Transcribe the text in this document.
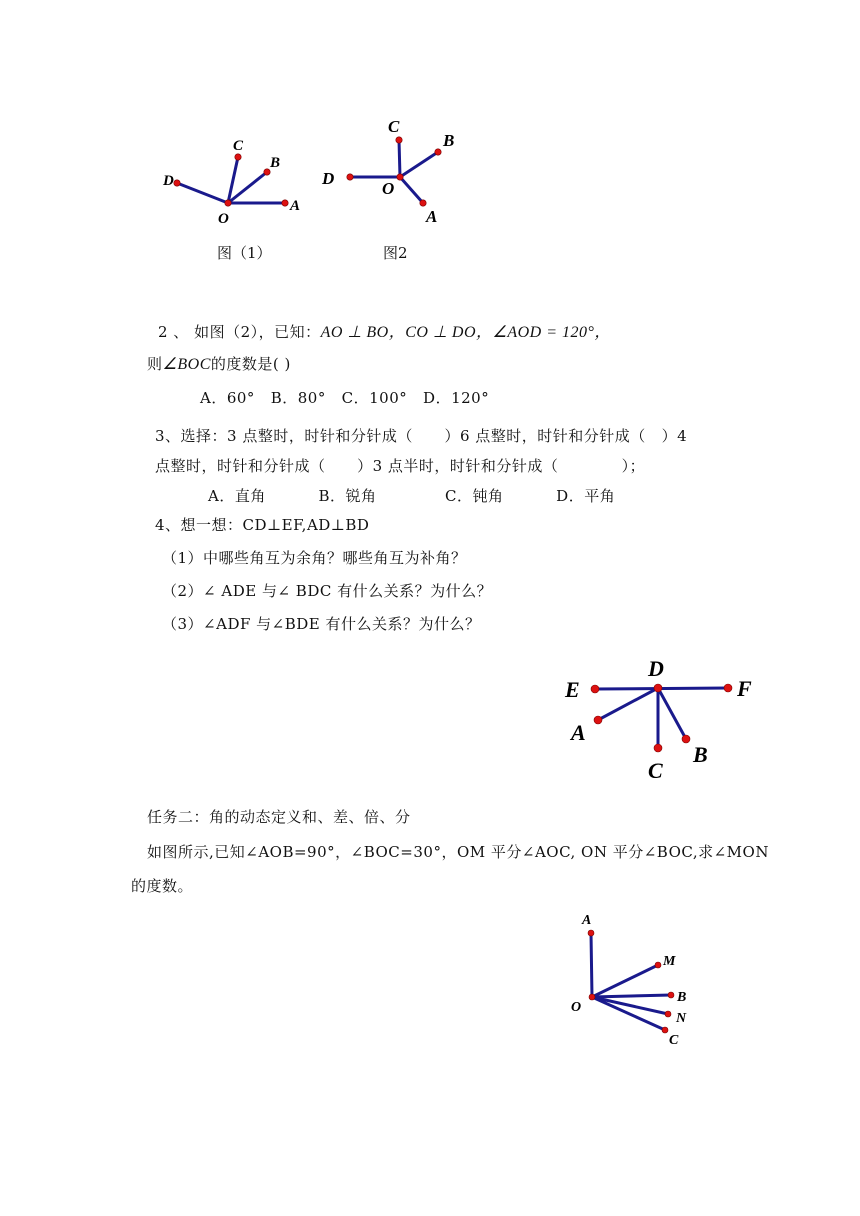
C
B
D
A
O
图（1）
C
B
D
O
A
图2
2 、 如图（2），已知：AO ⊥ BO，CO ⊥ DO，∠AOD = 120°，
则∠BOC的度数是( )
A．60°   B．80°   C．100°   D．120°
3、选择：3 点整时，时针和分针成（      ）6 点整时，时针和分针成（   ）4
点整时，时针和分针成（      ）3 点半时，时针和分针成（            ）；
A．直角          B．锐角             C．钝角          D．平角
4、想一想：CD⊥EF,AD⊥BD
（1）中哪些角互为余角？哪些角互为补角？
（2）∠ ADE 与∠ BDC 有什么关系？为什么？
（3）∠ADF 与∠BDE 有什么关系？为什么？
D
E	F
A
B
C
任务二：角的动态定义和、差、倍、分
如图所示,已知∠AOB=90°，∠BOC=30°，OM 平分∠AOC, ON 平分∠BOC,求∠MON
的度数。
A
M
O
B
N
C
